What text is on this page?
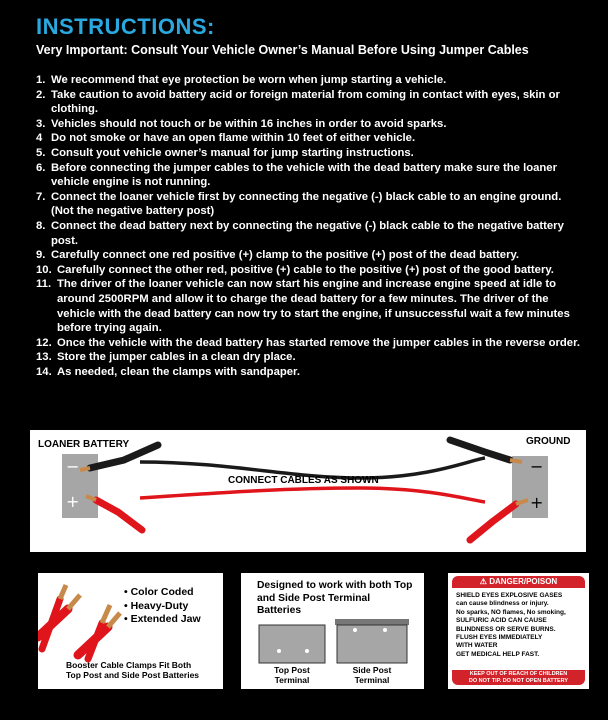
INSTRUCTIONS:
Very Important: Consult Your Vehicle Owner’s Manual Before Using Jumper Cables
1. We recommend that eye protection be worn when jump starting a vehicle.
2. Take caution to avoid battery acid or foreign material from coming in contact with eyes, skin or clothing.
3. Vehicles should not touch or be within 16 inches in order to avoid sparks.
4 Do not smoke or have an open flame within 10 feet of either vehicle.
5. Consult yout vehicle owner’s manual for jump starting instructions.
6. Before connecting the jumper cables to the vehicle with the dead battery make sure the loaner vehicle engine is not running.
7. Connect the loaner vehicle first by connecting the negative (-) black cable to an engine ground. (Not the negative battery post)
8. Connect the dead battery next by connecting the negative (-) black cable to the negative battery post.
9. Carefully connect one red positive (+) clamp to the positive (+) post of the dead battery.
10. Carefully connect the other red, positive (+) cable to the positive (+) post of the good battery.
11. The driver of the loaner vehicle can now start his engine and increase engine speed at idle to around 2500RPM and allow it to charge the dead battery for a few minutes. The driver of the vehicle with the dead battery can now try to start the engine, if unsuccessful wait a few minutes before trying again.
12. Once the vehicle with the dead battery has started remove the jumper cables in the reverse order.
13. Store the jumper cables in a clean dry place.
14. As needed, clean the clamps with sandpaper.
−
+
−
+
LOANER BATTERY	GROUND
CONNECT CABLES AS SHOWN
• Color Coded
• Heavy-Duty
• Extended Jaw
Booster Cable Clamps Fit Both
Top Post and Side Post Batteries
Designed to work with both Top and Side Post Terminal Batteries
Top Post
Terminal
Side Post
Terminal
⚠ DANGER/POISON
SHIELD EYES EXPLOSIVE GASES
can cause blindness or injury.
No sparks, NO flames, No smoking,
SULFURIC ACID CAN CAUSE
BLINDNESS OR SERVE BURNS.
FLUSH EYES IMMEDIATELY
WITH WATER
GET MEDICAL HELP FAST.
KEEP OUT OF REACH OF CHILDREN
DO NOT TIP. DO NOT OPEN BATTERY
